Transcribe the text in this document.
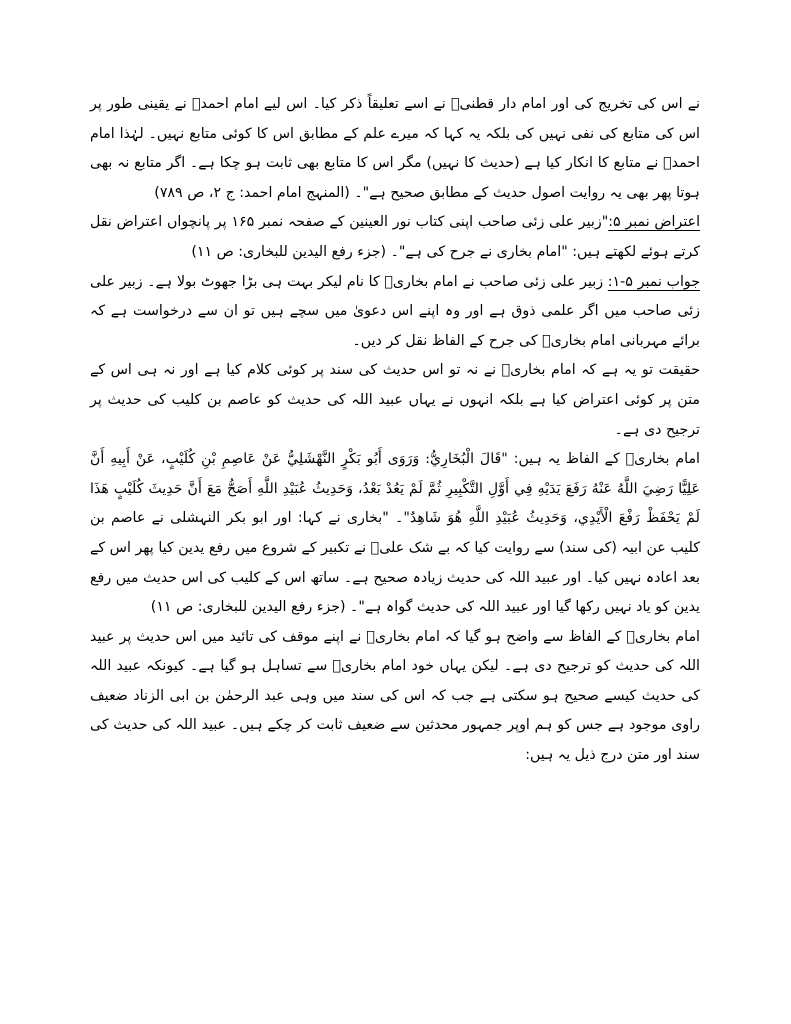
نے اس کی تخریج کی اور امام دار قطنیؒ نے اسے تعلیقاً ذکر کیا۔ اس لیے امام احمدؒ نے یقینی طور پر اس کی متابع کی نفی نہیں کی بلکہ یہ کہا کہ میرے علم کے مطابق اس کا کوئی متابع نہیں۔ لہٰذا امام احمدؒ نے متابع کا انکار کیا ہے (حدیث کا نہیں) مگر اس کا متابع بھی ثابت ہو چکا ہے۔ اگر متابع نہ بھی ہوتا پھر بھی یہ روایت اصول حدیث کے مطابق صحیح ہے"۔ (المنہج امام احمد: ج ۲، ص ۷۸۹)

اعتراض نمبر ۵:"زبیر علی زئی صاحب اپنی کتاب نور العینین کے صفحہ نمبر ۱۶۵ پر پانچواں اعتراض نقل کرتے ہوئے لکھتے ہیں: "امام بخاری نے جرح کی ہے"۔ (جزء رفع الیدین للبخاری: ص ۱۱)

جواب نمبر ۵-۱: زبیر علی زئی صاحب نے امام بخاریؒ کا نام لیکر بہت ہی بڑا جھوٹ بولا ہے۔ زبیر علی زئی صاحب میں اگر علمی ذوق ہے اور وہ اپنے اس دعویٰ میں سچے ہیں تو ان سے درخواست ہے کہ برائے مہربانی امام بخاریؒ کی جرح کے الفاظ نقل کر دیں۔

حقیقت تو یہ ہے کہ امام بخاریؒ نے نہ تو اس حدیث کی سند پر کوئی کلام کیا ہے اور نہ ہی اس کے متن پر کوئی اعتراض کیا ہے بلکہ انہوں نے یہاں عبید اللہ کی حدیث کو عاصم بن کلیب کی حدیث پر ترجیح دی ہے۔

امام بخاریؒ کے الفاظ یہ ہیں: "قَالَ الْبُخَارِيُّ: وَرَوَى أَبُو بَكْرٍ النَّهْشَلِيُّ عَنْ عَاصِمِ بْنِ كُلَيْبٍ، عَنْ أَبِيهِ أَنَّ عَلِيًّا رَضِيَ اللَّهُ عَنْهُ رَفَعَ يَدَيْهِ فِي أَوَّلِ التَّكْبِيرِ ثُمَّ لَمْ يَعُدْ بَعْدُ، وَحَدِيثُ عُبَيْدِ اللَّهِ أَصَحُّ مَعَ أَنَّ حَدِيثَ كُلَيْبٍ هَذَا لَمْ يَحْفَظْ رَفْعَ الْأَيْدِي، وَحَدِيثُ عُبَيْدِ اللَّهِ هُوَ شَاهِدٌ"۔ "بخاری نے کہا: اور ابو بکر النہشلی نے عاصم بن کلیب عن ابیہ (کی سند) سے روایت کیا کہ بے شک علیؓ نے تکبیر کے شروع میں رفع یدین کیا پھر اس کے بعد اعادہ نہیں کیا۔ اور عبید اللہ کی حدیث زیادہ صحیح ہے۔ ساتھ اس کے کلیب کی اس حدیث میں رفع یدین کو یاد نہیں رکھا گیا اور عبید اللہ کی حدیث گواہ ہے"۔ (جزء رفع الیدین للبخاری: ص ۱۱)

امام بخاریؒ کے الفاظ سے واضح ہو گیا کہ امام بخاریؒ نے اپنے موقف کی تائید میں اس حدیث پر عبید اللہ کی حدیث کو ترجیح دی ہے۔ لیکن یہاں خود امام بخاریؒ سے تساہل ہو گیا ہے۔ کیونکہ عبید اللہ کی حدیث کیسے صحیح ہو سکتی ہے جب کہ اس کی سند میں وہی عبد الرحمٰن بن ابی الزناد ضعیف راوی موجود ہے جس کو ہم اوپر جمہور محدثین سے ضعیف ثابت کر چکے ہیں۔ عبید اللہ کی حدیث کی سند اور متن درج ذیل یہ ہیں:
